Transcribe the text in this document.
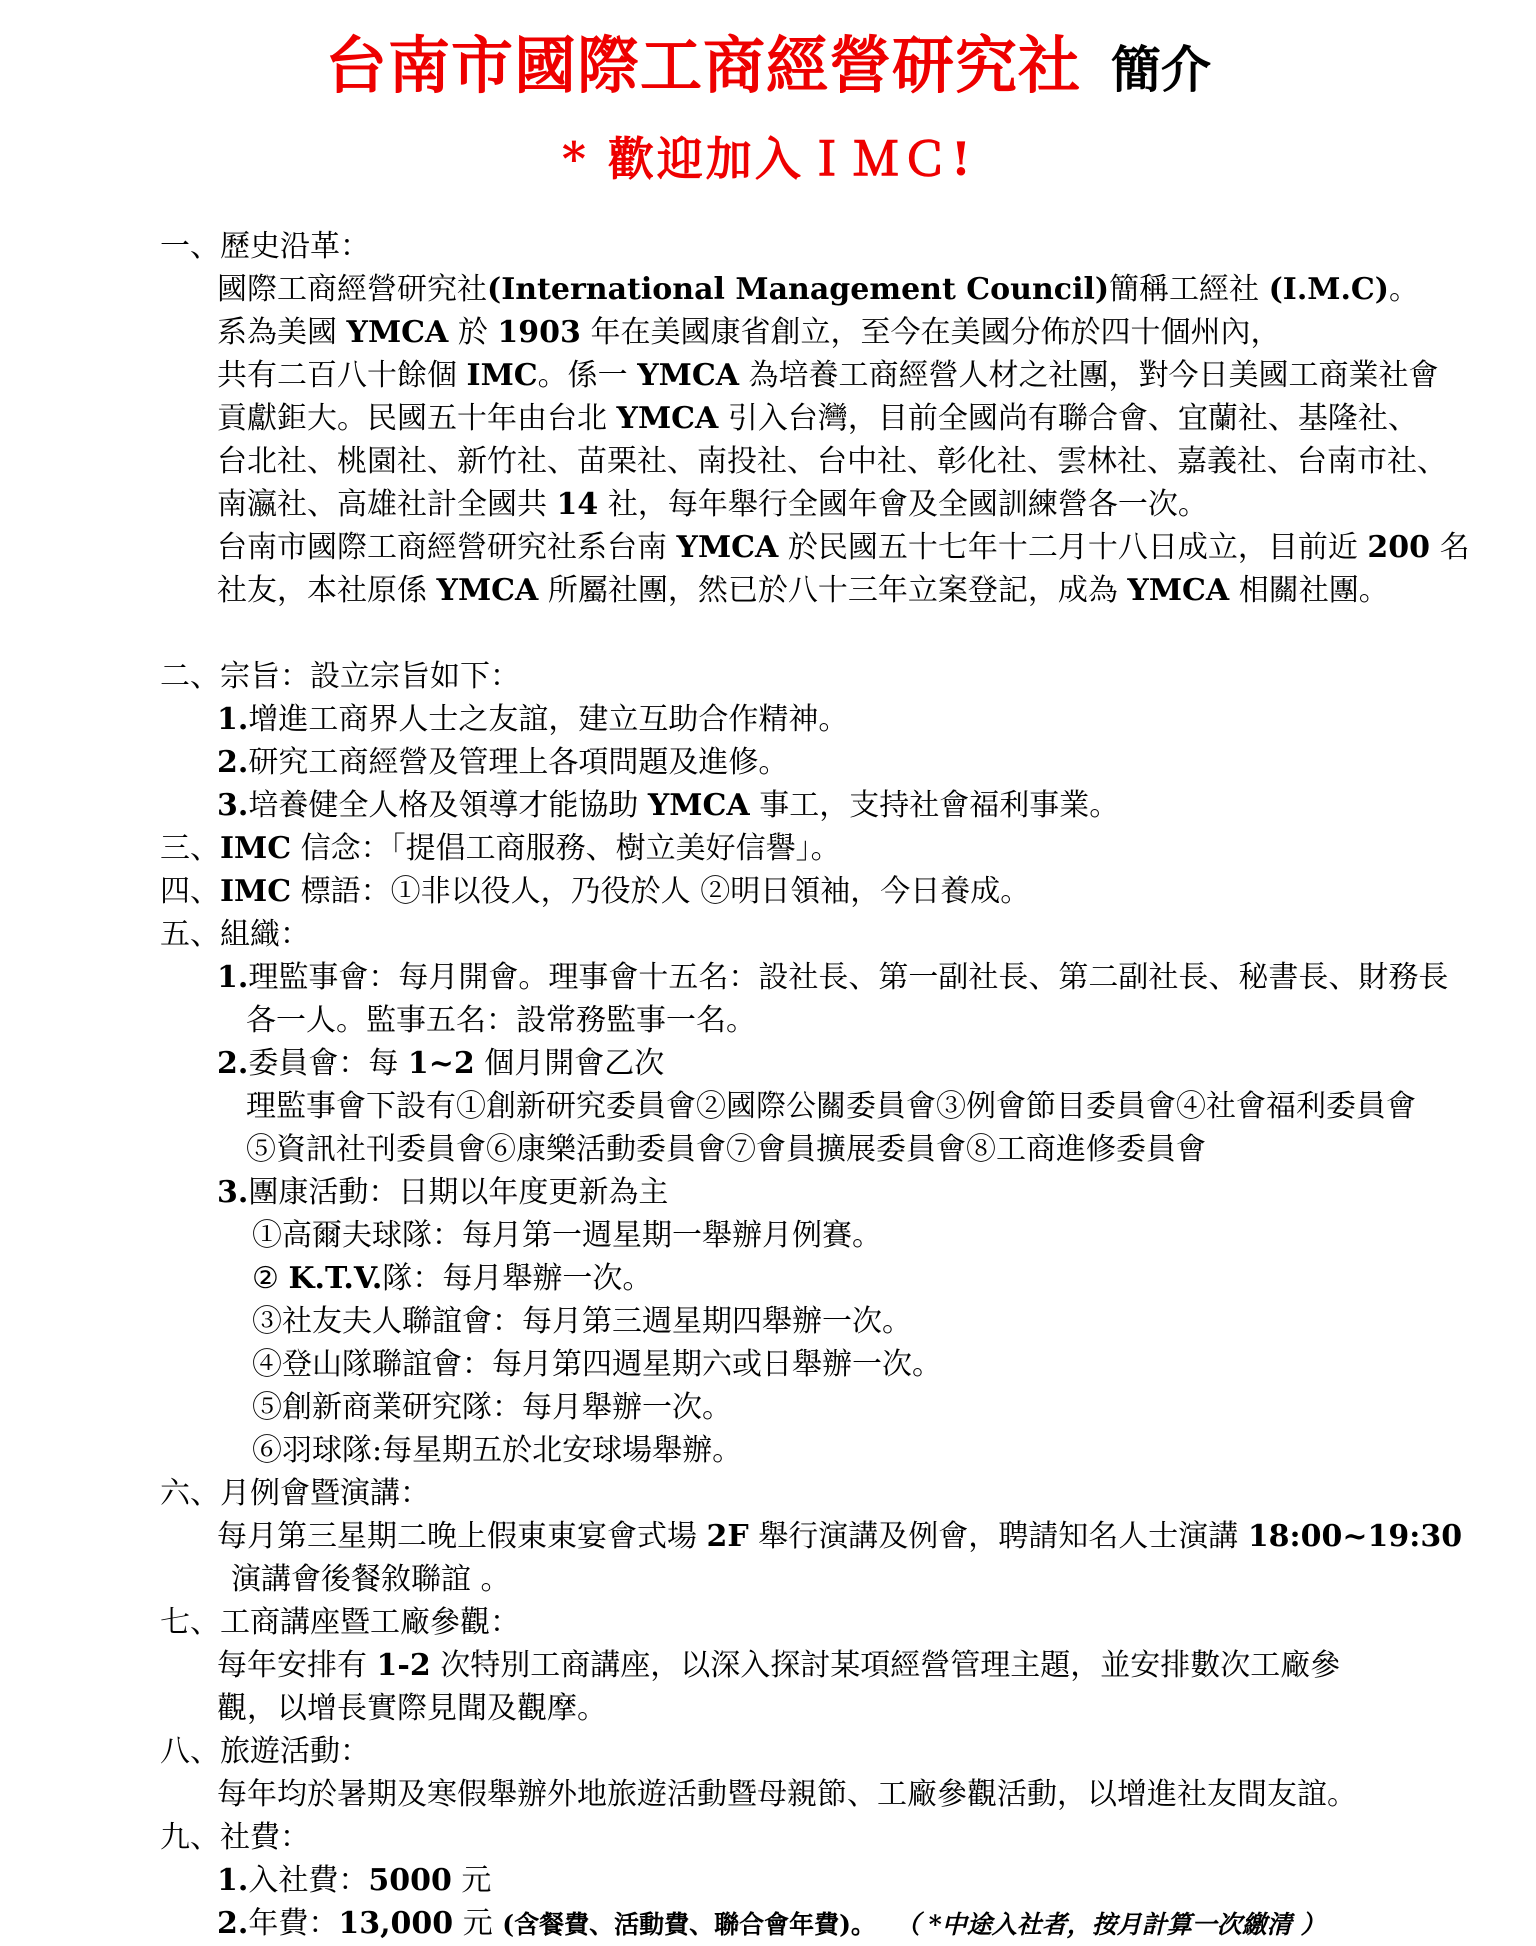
台南市國際工商經營研究社 簡介
* 歡迎加入ＩＭＣ!
一、歷史沿革：
國際工商經營研究社(International Management Council)簡稱工經社 (I.M.C)。
系為美國 YMCA 於 1903 年在美國康省創立，至今在美國分佈於四十個州內，
共有二百八十餘個 IMC。係一 YMCA 為培養工商經營人材之社團，對今日美國工商業社會
貢獻鉅大。民國五十年由台北 YMCA 引入台灣，目前全國尚有聯合會、宜蘭社、基隆社、
台北社、桃園社、新竹社、苗栗社、南投社、台中社、彰化社、雲林社、嘉義社、台南市社、
南瀛社、高雄社計全國共 14 社，每年舉行全國年會及全國訓練營各一次。
台南市國際工商經營研究社系台南 YMCA 於民國五十七年十二月十八日成立，目前近 200 名
社友，本社原係 YMCA 所屬社團，然已於八十三年立案登記，成為 YMCA 相關社團。
二、宗旨：設立宗旨如下：
1.增進工商界人士之友誼，建立互助合作精神。
2.研究工商經營及管理上各項問題及進修。
3.培養健全人格及領導才能協助 YMCA 事工，支持社會福利事業。
三、IMC 信念：「提倡工商服務、樹立美好信譽」。
四、IMC 標語：①非以役人，乃役於人 ②明日領袖，今日養成。
五、組織：
1.理監事會：每月開會。理事會十五名：設社長、第一副社長、第二副社長、秘書長、財務長
各一人。監事五名：設常務監事一名。
2.委員會：每 1~2 個月開會乙次
理監事會下設有①創新研究委員會②國際公關委員會③例會節目委員會④社會福利委員會
⑤資訊社刊委員會⑥康樂活動委員會⑦會員擴展委員會⑧工商進修委員會
3.團康活動：日期以年度更新為主
①高爾夫球隊：每月第一週星期一舉辦月例賽。
② K.T.V.隊：每月舉辦一次。
③社友夫人聯誼會：每月第三週星期四舉辦一次。
④登山隊聯誼會：每月第四週星期六或日舉辦一次。
⑤創新商業研究隊：每月舉辦一次。
⑥羽球隊:每星期五於北安球場舉辦。
六、月例會暨演講：
每月第三星期二晚上假東東宴會式場 2F 舉行演講及例會，聘請知名人士演講 18:00~19:30
演講會後餐敘聯誼 。
七、工商講座暨工廠參觀：
每年安排有 1-2 次特別工商講座，以深入探討某項經營管理主題，並安排數次工廠參
觀，以增長實際見聞及觀摩。
八、旅遊活動：
每年均於暑期及寒假舉辦外地旅遊活動暨母親節、工廠參觀活動，以增進社友間友誼。
九、社費：
1.入社費：5000 元
2.年費：13,000 元 (含餐費、活動費、聯合會年費)。 （ *中途入社者，按月計算一次繳清 ）
